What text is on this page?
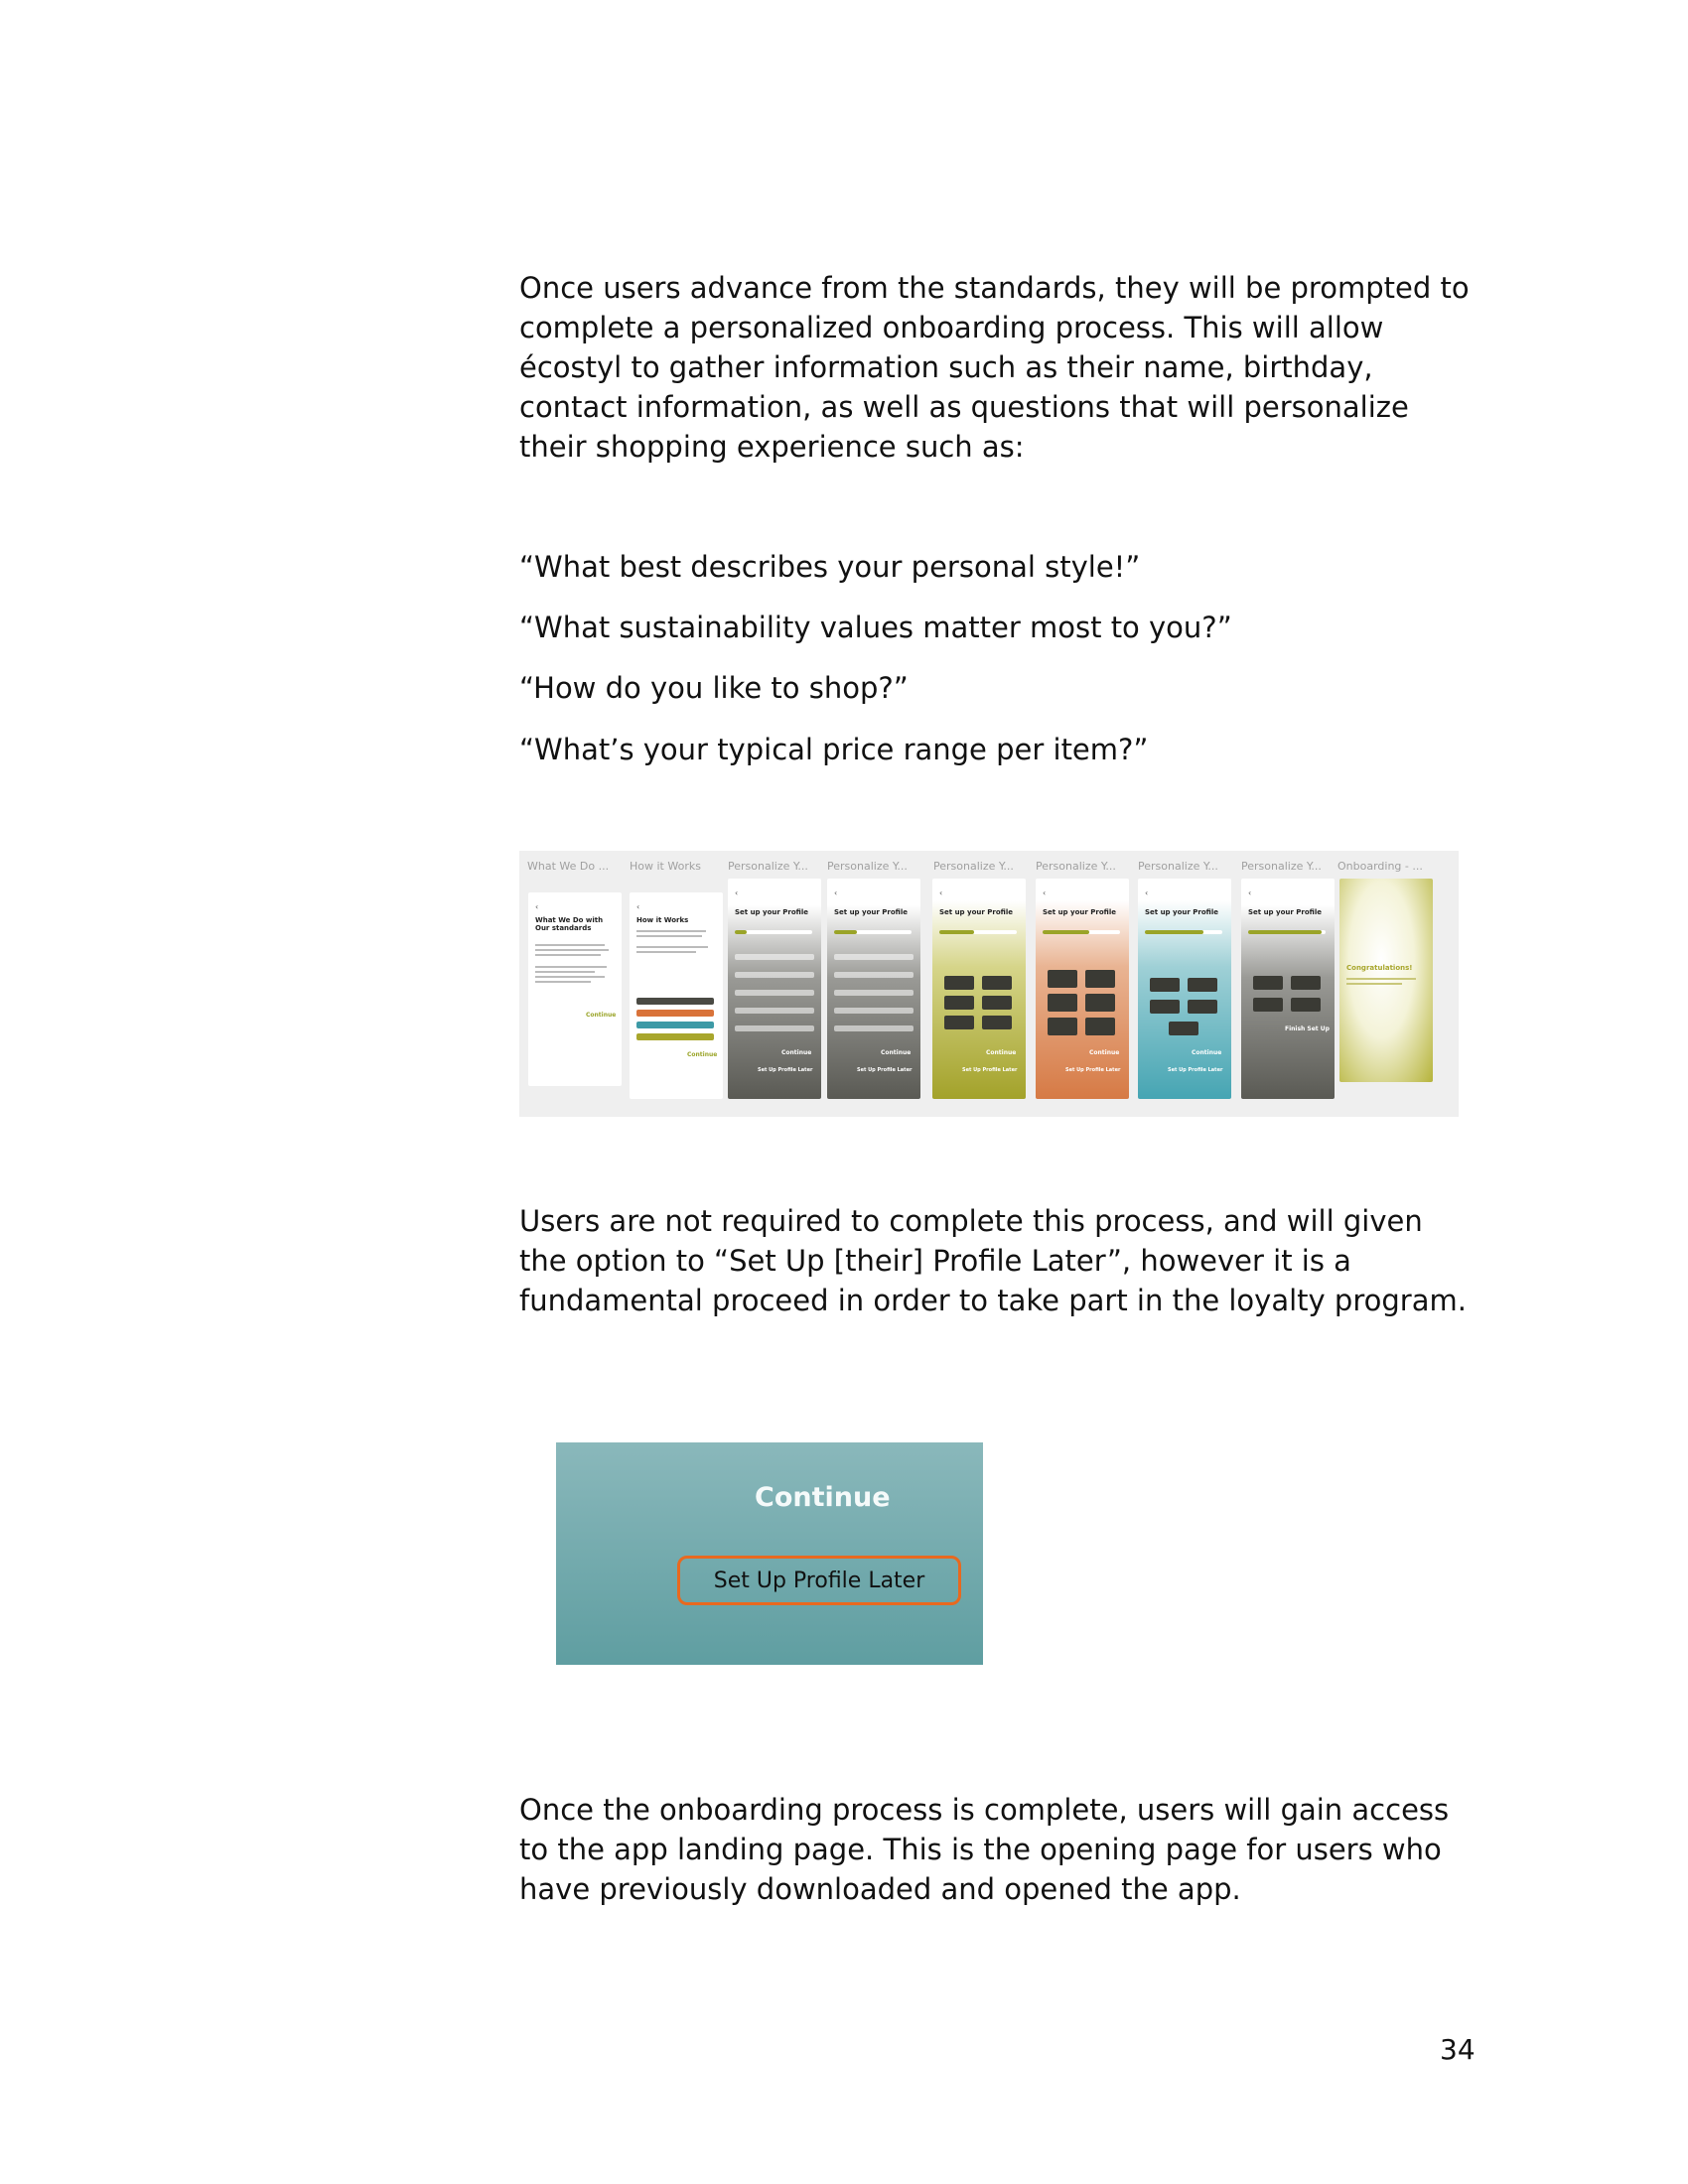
Once users advance from the standards, they will be prompted to complete a personalized onboarding process. This will allow écostyl to gather information such as their name, birthday, contact information, as well as questions that will personalize their shopping experience such as:

“What best describes your personal style!”

“What sustainability values matter most to you?”

“How do you like to shop?”

“What’s your typical price range per item?”

What We Do ...	How it Works	Personalize Y...	Personalize Y...	Personalize Y...	Personalize Y...	Personalize Y...	Personalize Y...	Onboarding - ...
‹
What We Do with Our standards
Continue
‹
How it Works
Continue
‹
Set up your Profile
Continue
Set Up Profile Later
‹
Set up your Profile
Continue
Set Up Profile Later
‹
Set up your Profile
Continue
Set Up Profile Later
‹
Set up your Profile
Continue
Set Up Profile Later
‹
Set up your Profile
Continue
Set Up Profile Later
‹
Set up your Profile
Finish Set Up
Congratulations!

Users are not required to complete this process, and will given the option to “Set Up [their] Profile Later”, however it is a fundamental proceed in order to take part in the loyalty program.

Continue
Set Up Profile Later

Once the onboarding process is complete, users will gain access to the app landing page. This is the opening page for users who have previously downloaded and opened the app.

34
